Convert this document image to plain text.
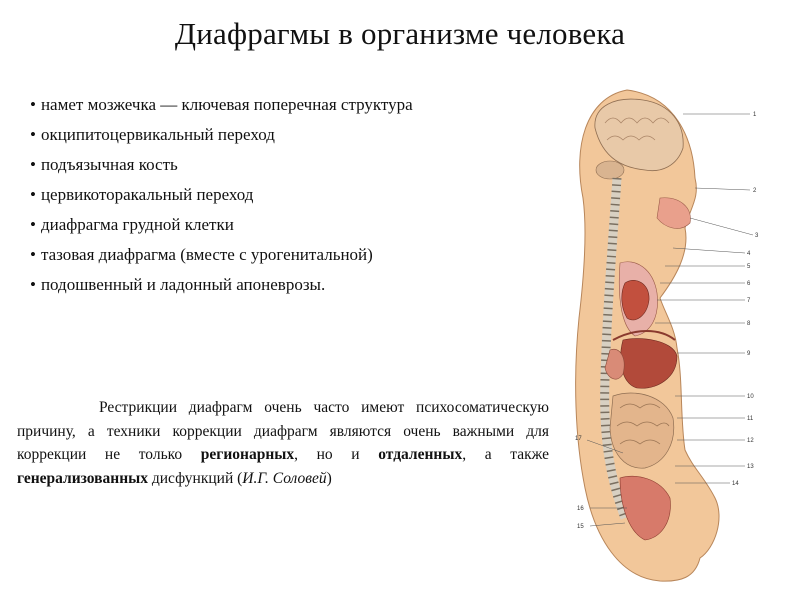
Диафрагмы в организме человека
• намет мозжечка — ключевая поперечная структура
• окципитоцервикальный переход
• подъязычная кость
• цервикоторакальный переход
• диафрагма грудной клетки
• тазовая диафрагма (вместе с урогенитальной)
• подошвенный и ладонный апоневрозы.

Рестрикции диафрагм очень часто имеют психосоматическую причину, а техники коррекции диафрагм являются очень важными для коррекции не только регионарных, но и отдаленных, а также генерализованных дисфункций (И.Г. Соловей)

1
2
3
4
5
6
7
8
9
10
11
12
13
14
15
16
17
